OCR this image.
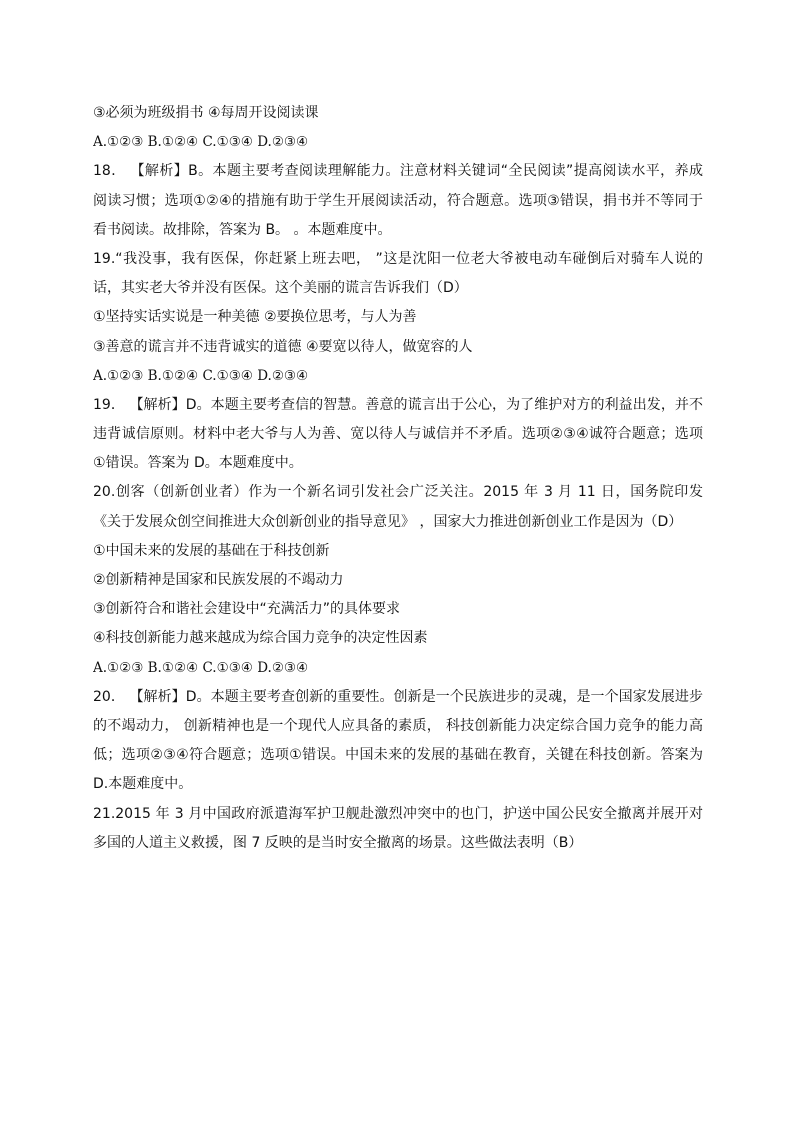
③必须为班级捐书 ④每周开设阅读课
A.①②③ B.①②④ C.①③④ D.②③④
18． 【解析】B。本题主要考查阅读理解能力。注意材料关键词“全民阅读”提高阅读水平，养成
阅读习惯；选项①②④的措施有助于学生开展阅读活动，符合题意。选项③错误，捐书并不等同于
看书阅读。故排除，答案为 B。 。本题难度中。
19.“我没事，我有医保，你赶紧上班去吧， ”这是沈阳一位老大爷被电动车碰倒后对骑车人说的
话，其实老大爷并没有医保。这个美丽的谎言告诉我们（D）
①坚持实话实说是一种美德 ②要换位思考，与人为善
③善意的谎言并不违背诚实的道德 ④要宽以待人，做宽容的人
A.①②③ B.①②④ C.①③④ D.②③④
19． 【解析】D。本题主要考查信的智慧。善意的谎言出于公心，为了维护对方的利益出发，并不
违背诚信原则。材料中老大爷与人为善、宽以待人与诚信并不矛盾。选项②③④诚符合题意；选项
①错误。答案为 D。本题难度中。
20.创客（创新创业者）作为一个新名词引发社会广泛关注。2015 年 3 月 11 日，国务院印发
《关于发展众创空间推进大众创新创业的指导意见》 ，国家大力推进创新创业工作是因为（D）
①中国未来的发展的基础在于科技创新
②创新精神是国家和民族发展的不竭动力
③创新符合和谐社会建设中“充满活力”的具体要求
④科技创新能力越来越成为综合国力竞争的决定性因素
A.①②③ B.①②④ C.①③④ D.②③④
20． 【解析】D。本题主要考查创新的重要性。创新是一个民族进步的灵魂，是一个国家发展进步
的不竭动力， 创新精神也是一个现代人应具备的素质， 科技创新能力决定综合国力竞争的能力高
低；选项②③④符合题意；选项①错误。中国未来的发展的基础在教育，关键在科技创新。答案为
D.本题难度中。
21.2015 年 3 月中国政府派遣海军护卫舰赴激烈冲突中的也门，护送中国公民安全撤离并展开对
多国的人道主义救援，图 7 反映的是当时安全撤离的场景。这些做法表明（B）
